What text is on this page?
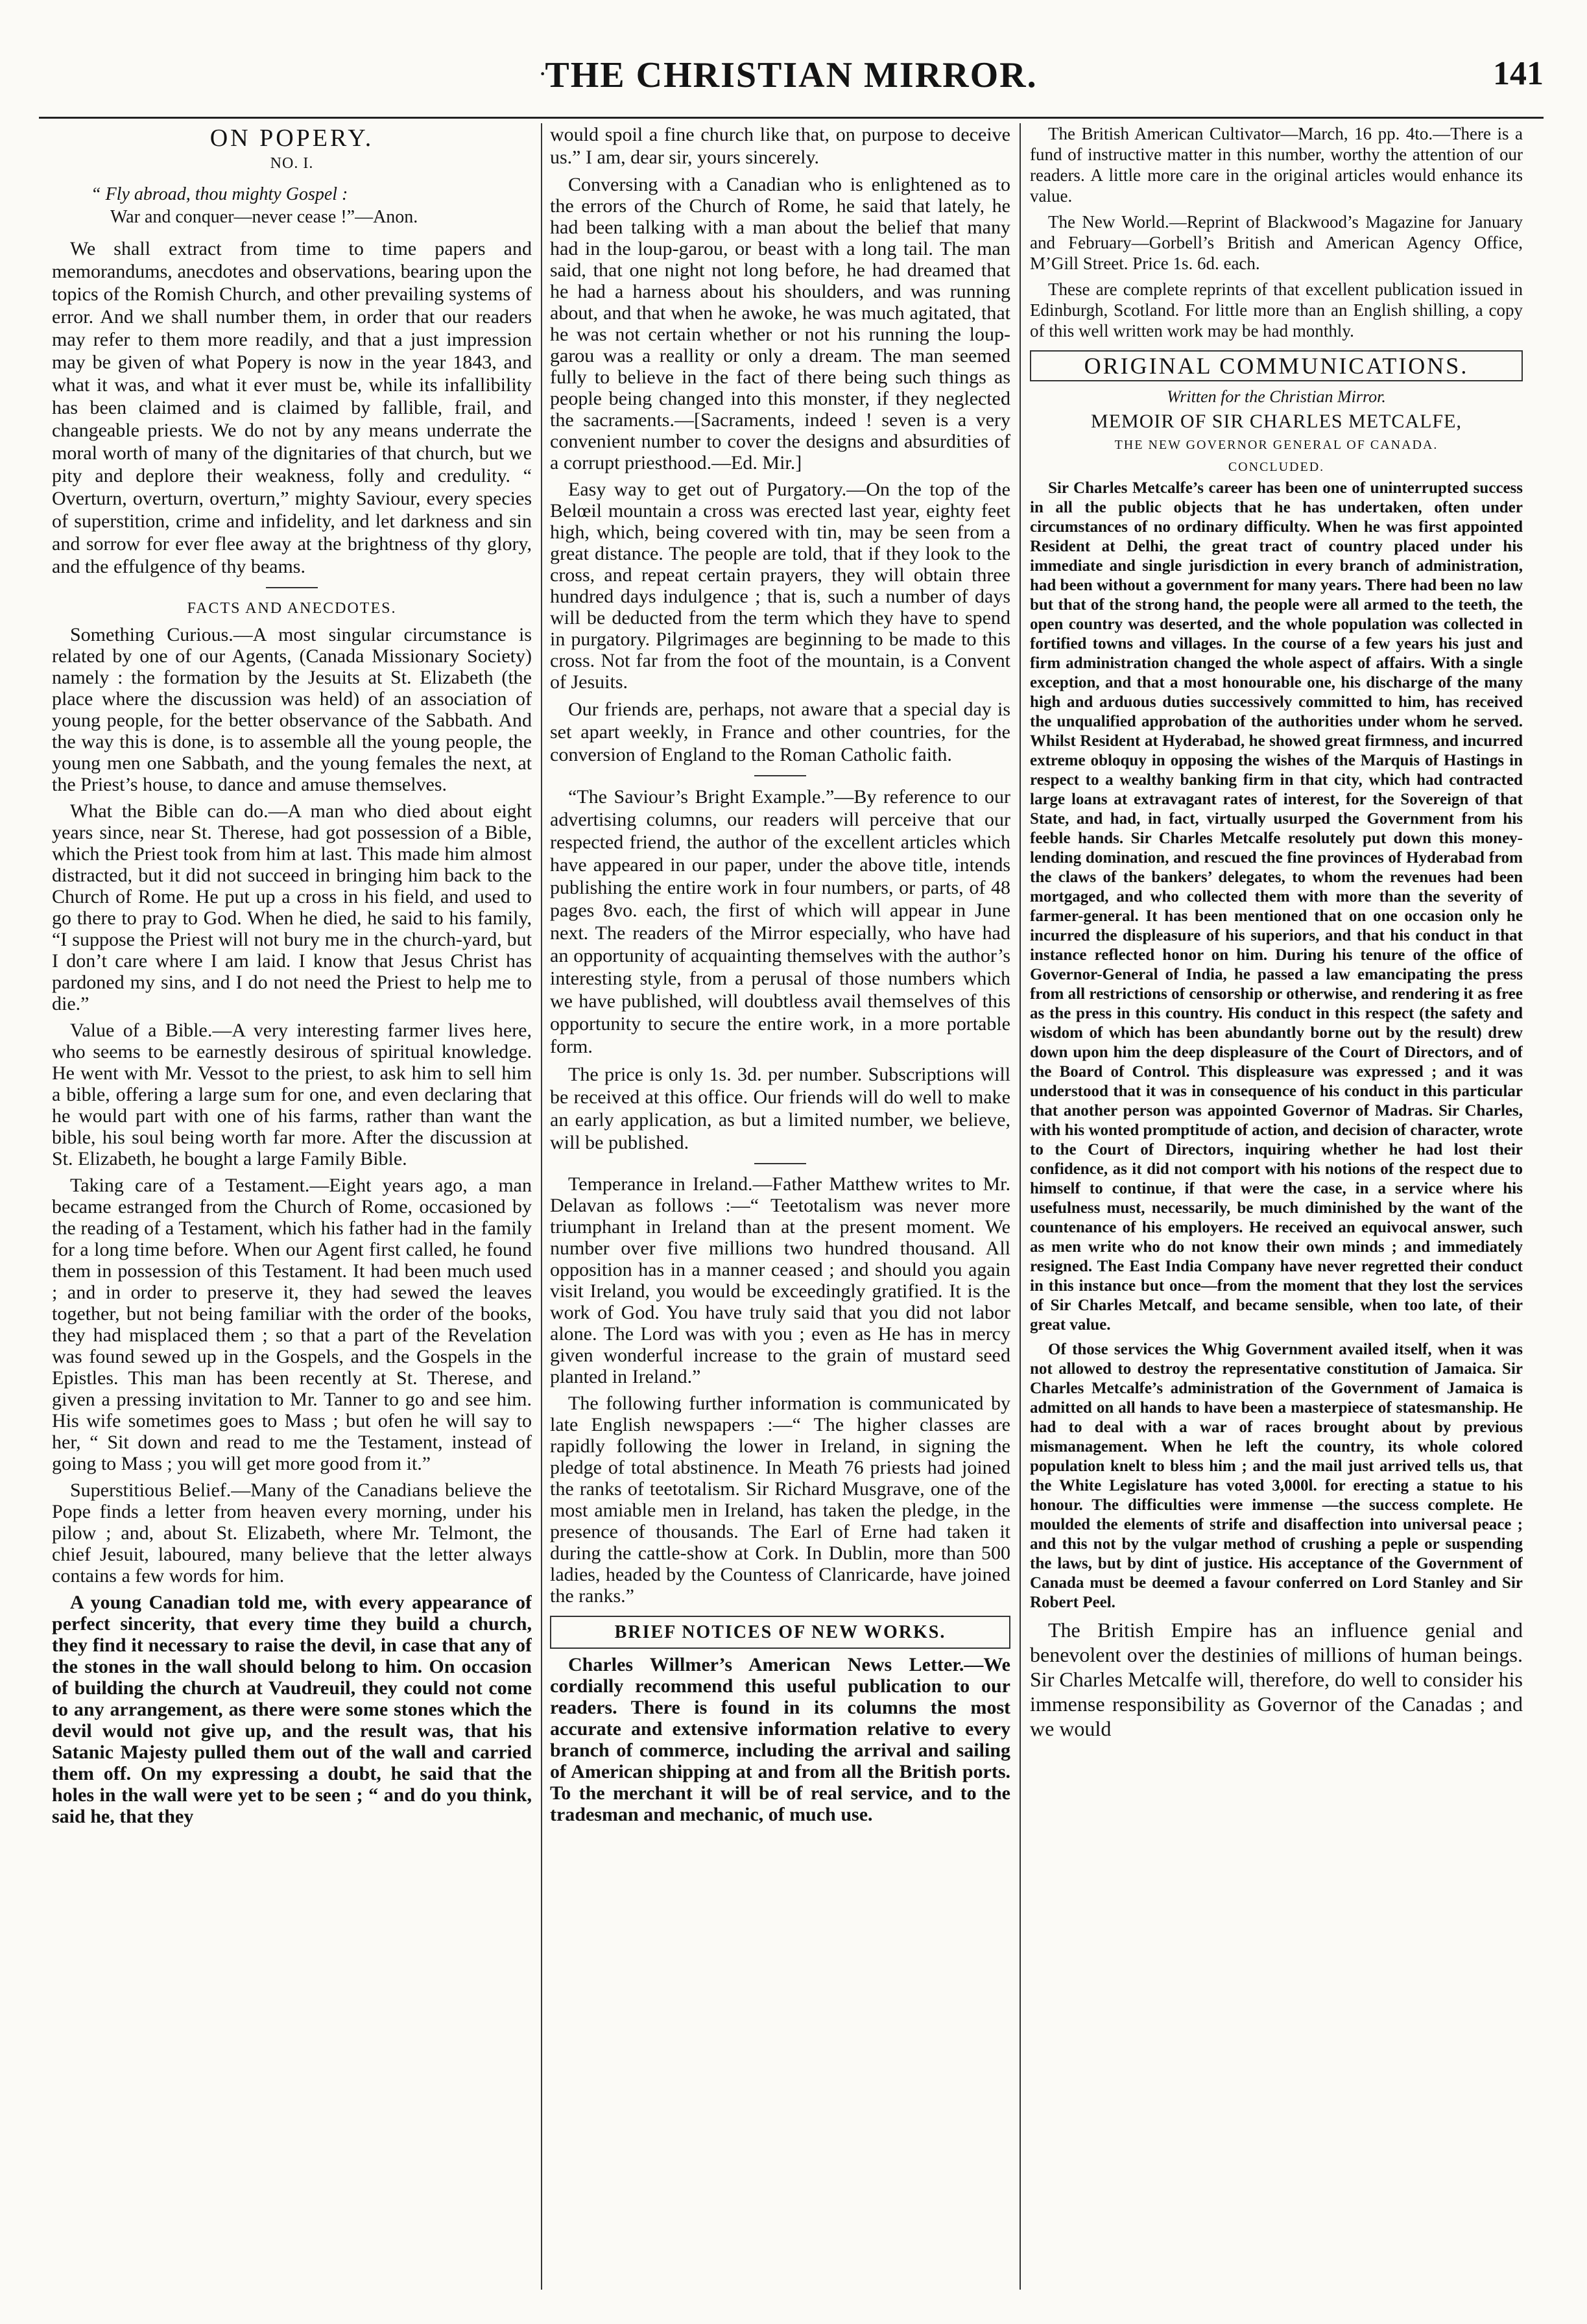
·
THE CHRISTIAN MIRROR.	141
ON POPERY.
NO. I.
“ Fly abroad, thou mighty Gospel :
War and conquer—never cease !”—Anon.

We shall extract from time to time papers and memorandums, anecdotes and observations, bearing upon the topics of the Romish Church, and other prevailing systems of error. And we shall number them, in order that our readers may refer to them more readily, and that a just impression may be given of what Popery is now in the year 1843, and what it was, and what it ever must be, while its infallibility has been claimed and is claimed by fallible, frail, and changeable priests. We do not by any means underrate the moral worth of many of the dignitaries of that church, but we pity and deplore their weakness, folly and credulity. “ Overturn, overturn, overturn,” mighty Saviour, every species of superstition, crime and infidelity, and let darkness and sin and sorrow for ever flee away at the brightness of thy glory, and the effulgence of thy beams.

FACTS AND ANECDOTES.

Something Curious.—A most singular circumstance is related by one of our Agents, (Canada Missionary Society) namely : the formation by the Jesuits at St. Elizabeth (the place where the discussion was held) of an association of young people, for the better observance of the Sabbath. And the way this is done, is to assemble all the young people, the young men one Sabbath, and the young females the next, at the Priest’s house, to dance and amuse themselves.

What the Bible can do.—A man who died about eight years since, near St. Therese, had got possession of a Bible, which the Priest took from him at last. This made him almost distracted, but it did not succeed in bringing him back to the Church of Rome. He put up a cross in his field, and used to go there to pray to God. When he died, he said to his family, “I suppose the Priest will not bury me in the church-yard, but I don’t care where I am laid. I know that Jesus Christ has pardoned my sins, and I do not need the Priest to help me to die.”

Value of a Bible.—A very interesting farmer lives here, who seems to be earnestly desirous of spiritual knowledge. He went with Mr. Vessot to the priest, to ask him to sell him a bible, offering a large sum for one, and even declaring that he would part with one of his farms, rather than want the bible, his soul being worth far more. After the discussion at St. Elizabeth, he bought a large Family Bible.

Taking care of a Testament.—Eight years ago, a man became estranged from the Church of Rome, occasioned by the reading of a Testament, which his father had in the family for a long time before. When our Agent first called, he found them in possession of this Testament. It had been much used ; and in order to preserve it, they had sewed the leaves together, but not being familiar with the order of the books, they had misplaced them ; so that a part of the Revelation was found sewed up in the Gospels, and the Gospels in the Epistles. This man has been recently at St. Therese, and given a pressing invitation to Mr. Tanner to go and see him. His wife sometimes goes to Mass ; but ofen he will say to her, “ Sit down and read to me the Testament, instead of going to Mass ; you will get more good from it.”

Superstitious Belief.—Many of the Canadians believe the Pope finds a letter from heaven every morning, under his pilow ; and, about St. Elizabeth, where Mr. Telmont, the chief Jesuit, laboured, many believe that the letter always contains a few words for him.

A young Canadian told me, with every appearance of perfect sincerity, that every time they build a church, they find it necessary to raise the devil, in case that any of the stones in the wall should belong to him. On occasion of building the church at Vaudreuil, they could not come to any arrangement, as there were some stones which the devil would not give up, and the result was, that his Satanic Majesty pulled them out of the wall and carried them off. On my expressing a doubt, he said that the holes in the wall were yet to be seen ; “ and do you think, said he, that they

would spoil a fine church like that, on purpose to deceive us.” I am, dear sir, yours sincerely.

Conversing with a Canadian who is enlightened as to the errors of the Church of Rome, he said that lately, he had been talking with a man about the belief that many had in the loup-garou, or beast with a long tail. The man said, that one night not long before, he had dreamed that he had a harness about his shoulders, and was running about, and that when he awoke, he was much agitated, that he was not certain whether or not his running the loup-garou was a reallity or only a dream. The man seemed fully to believe in the fact of there being such things as people being changed into this monster, if they neglected the sacraments.—[Sacraments, indeed ! seven is a very convenient number to cover the designs and absurdities of a corrupt priesthood.—Ed. Mir.]

Easy way to get out of Purgatory.—On the top of the Belœil mountain a cross was erected last year, eighty feet high, which, being covered with tin, may be seen from a great distance. The people are told, that if they look to the cross, and repeat certain prayers, they will obtain three hundred days indulgence ; that is, such a number of days will be deducted from the term which they have to spend in purgatory. Pilgrimages are beginning to be made to this cross. Not far from the foot of the mountain, is a Convent of Jesuits.

Our friends are, perhaps, not aware that a special day is set apart weekly, in France and other countries, for the conversion of England to the Roman Catholic faith.

“The Saviour’s Bright Example.”—By reference to our advertising columns, our readers will perceive that our respected friend, the author of the excellent articles which have appeared in our paper, under the above title, intends publishing the entire work in four numbers, or parts, of 48 pages 8vo. each, the first of which will appear in June next. The readers of the Mirror especially, who have had an opportunity of acquainting themselves with the author’s interesting style, from a perusal of those numbers which we have published, will doubtless avail themselves of this opportunity to secure the entire work, in a more portable form.

The price is only 1s. 3d. per number. Subscriptions will be received at this office. Our friends will do well to make an early application, as but a limited number, we believe, will be published.

Temperance in Ireland.—Father Matthew writes to Mr. Delavan as follows :—“ Teetotalism was never more triumphant in Ireland than at the present moment. We number over five millions two hundred thousand. All opposition has in a manner ceased ; and should you again visit Ireland, you would be exceedingly gratified. It is the work of God. You have truly said that you did not labor alone. The Lord was with you ; even as He has in mercy given wonderful increase to the grain of mustard seed planted in Ireland.”

The following further information is communicated by late English newspapers :—“ The higher classes are rapidly following the lower in Ireland, in signing the pledge of total abstinence. In Meath 76 priests had joined the ranks of teetotalism. Sir Richard Musgrave, one of the most amiable men in Ireland, has taken the pledge, in the presence of thousands. The Earl of Erne had taken it during the cattle-show at Cork. In Dublin, more than 500 ladies, headed by the Countess of Clanricarde, have joined the ranks.”

BRIEF NOTICES OF NEW WORKS.

Charles Willmer’s American News Letter.—We cordially recommend this useful publication to our readers. There is found in its columns the most accurate and extensive information relative to every branch of commerce, including the arrival and sailing of American shipping at and from all the British ports. To the merchant it will be of real service, and to the tradesman and mechanic, of much use.

The British American Cultivator—March, 16 pp. 4to.—There is a fund of instructive matter in this number, worthy the attention of our readers. A little more care in the original articles would enhance its value.

The New World.—Reprint of Blackwood’s Magazine for January and February—Gorbell’s British and American Agency Office, M’Gill Street. Price 1s. 6d. each.

These are complete reprints of that excellent publication issued in Edinburgh, Scotland. For little more than an English shilling, a copy of this well written work may be had monthly.

ORIGINAL COMMUNICATIONS.
Written for the Christian Mirror.
MEMOIR OF SIR CHARLES METCALFE,
THE NEW GOVERNOR GENERAL OF CANADA.
CONCLUDED.

Sir Charles Metcalfe’s career has been one of uninterrupted success in all the public objects that he has undertaken, often under circumstances of no ordinary difficulty. When he was first appointed Resident at Delhi, the great tract of country placed under his immediate and single jurisdiction in every branch of administration, had been without a government for many years. There had been no law but that of the strong hand, the people were all armed to the teeth, the open country was deserted, and the whole population was collected in fortified towns and villages. In the course of a few years his just and firm administration changed the whole aspect of affairs. With a single exception, and that a most honourable one, his discharge of the many high and arduous duties successively committed to him, has received the unqualified approbation of the authorities under whom he served. Whilst Resident at Hyderabad, he showed great firmness, and incurred extreme obloquy in opposing the wishes of the Marquis of Hastings in respect to a wealthy banking firm in that city, which had contracted large loans at extravagant rates of interest, for the Sovereign of that State, and had, in fact, virtually usurped the Government from his feeble hands. Sir Charles Metcalfe resolutely put down this money-lending domination, and rescued the fine provinces of Hyderabad from the claws of the bankers’ delegates, to whom the revenues had been mortgaged, and who collected them with more than the severity of farmer-general. It has been mentioned that on one occasion only he incurred the displeasure of his superiors, and that his conduct in that instance reflected honor on him. During his tenure of the office of Governor-General of India, he passed a law emancipating the press from all restrictions of censorship or otherwise, and rendering it as free as the press in this country. His conduct in this respect (the safety and wisdom of which has been abundantly borne out by the result) drew down upon him the deep displeasure of the Court of Directors, and of the Board of Control. This displeasure was expressed ; and it was understood that it was in consequence of his conduct in this particular that another person was appointed Governor of Madras. Sir Charles, with his wonted promptitude of action, and decision of character, wrote to the Court of Directors, inquiring whether he had lost their confidence, as it did not comport with his notions of the respect due to himself to continue, if that were the case, in a service where his usefulness must, necessarily, be much diminished by the want of the countenance of his employers. He received an equivocal answer, such as men write who do not know their own minds ; and immediately resigned. The East India Company have never regretted their conduct in this instance but once—from the moment that they lost the services of Sir Charles Metcalf, and became sensible, when too late, of their great value.

Of those services the Whig Government availed itself, when it was not allowed to destroy the representative constitution of Jamaica. Sir Charles Metcalfe’s administration of the Government of Jamaica is admitted on all hands to have been a masterpiece of statesmanship. He had to deal with a war of races brought about by previous mismanagement. When he left the country, its whole colored population knelt to bless him ; and the mail just arrived tells us, that the White Legislature has voted 3,000l. for erecting a statue to his honour. The difficulties were immense —the success complete. He moulded the elements of strife and disaffection into universal peace ; and this not by the vulgar method of crushing a peple or suspending the laws, but by dint of justice. His acceptance of the Government of Canada must be deemed a favour conferred on Lord Stanley and Sir Robert Peel.

The British Empire has an influence genial and benevolent over the destinies of millions of human beings. Sir Charles Metcalfe will, therefore, do well to consider his immense responsibility as Governor of the Canadas ; and we would
